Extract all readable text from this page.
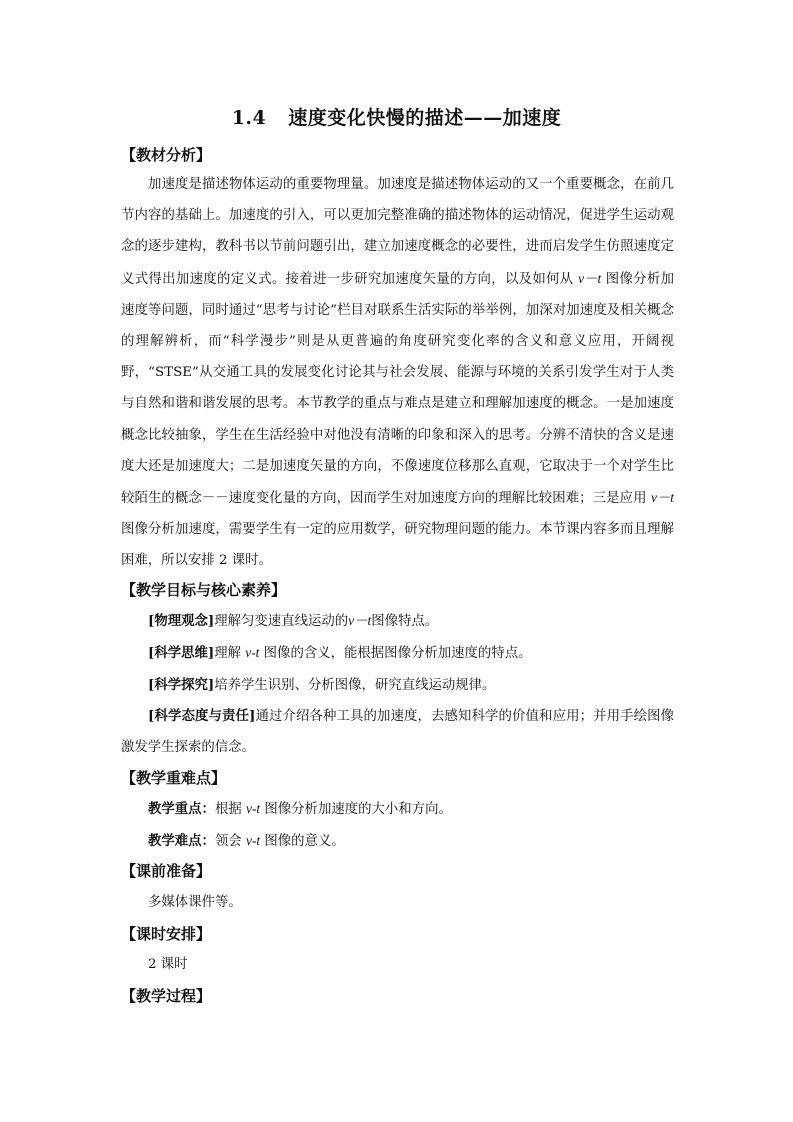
1.4 速度变化快慢的描述——加速度
【教材分析】

加速度是描述物体运动的重要物理量。加速度是描述物体运动的又一个重要概念，在前几节内容的基础上。加速度的引入，可以更加完整准确的描述物体的运动情况，促进学生运动观念的逐步建构，教科书以节前问题引出，建立加速度概念的必要性，进而启发学生仿照速度定义式得出加速度的定义式。接着进一步研究加速度矢量的方向，以及如何从 v－t 图像分析加速度等问题，同时通过“思考与讨论”栏目对联系生活实际的举举例，加深对加速度及相关概念的理解辨析，而“科学漫步”则是从更普遍的角度研究变化率的含义和意义应用，开阔视野，“STSE”从交通工具的发展变化讨论其与社会发展、能源与环境的关系引发学生对于人类与自然和谐和谐发展的思考。本节教学的重点与难点是建立和理解加速度的概念。一是加速度概念比较抽象，学生在生活经验中对他没有清晰的印象和深入的思考。分辨不清快的含义是速度大还是加速度大；二是加速度矢量的方向，不像速度位移那么直观，它取决于一个对学生比较陌生的概念－－速度变化量的方向，因而学生对加速度方向的理解比较困难；三是应用 v－t 图像分析加速度，需要学生有一定的应用数学，研究物理问题的能力。本节课内容多而且理解困难，所以安排 2 课时。

【教学目标与核心素养】
[物理观念]理解匀变速直线运动的v－t图像特点。
[科学思维]理解 v-t 图像的含义，能根据图像分析加速度的特点。
[科学探究]培养学生识别、分析图像，研究直线运动规律。

[科学态度与责任]通过介绍各种工具的加速度，去感知科学的价值和应用；并用手绘图像激发学生探索的信念。

【教学重难点】
教学重点：根据 v-t 图像分析加速度的大小和方向。
教学难点：领会 v-t 图像的意义。
【课前准备】
多媒体课件等。
【课时安排】
2 课时
【教学过程】
